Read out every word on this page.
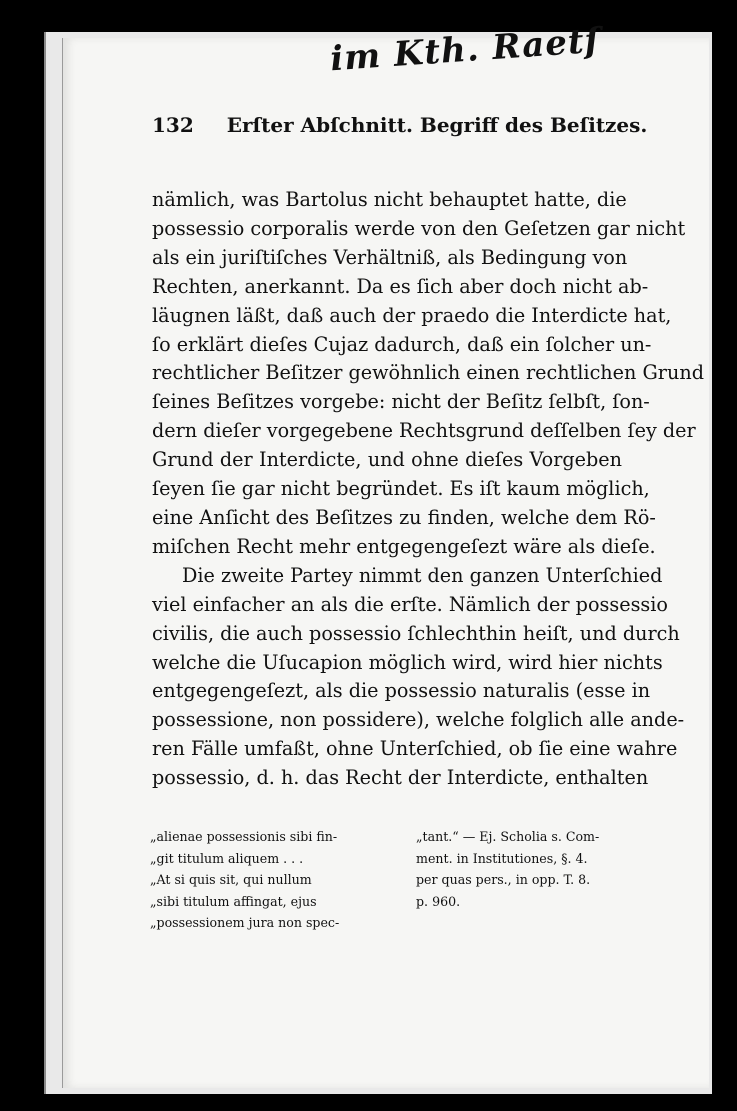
im Kth. Raetſ
132 Erſter Abſchnitt. Begriff des Beſitzes.
nämlich, was Bartolus nicht behauptet hatte, die
possessio corporalis werde von den Geſetzen gar nicht
als ein juriſtiſches Verhältniß, als Bedingung von
Rechten, anerkannt. Da es ſich aber doch nicht ab-
läugnen läßt, daß auch der praedo die Interdicte hat,
ſo erklärt dieſes Cujaz dadurch, daß ein ſolcher un-
rechtlicher Beſitzer gewöhnlich einen rechtlichen Grund
ſeines Beſitzes vorgebe: nicht der Beſitz ſelbſt, ſon-
dern dieſer vorgegebene Rechtsgrund deſſelben ſey der
Grund der Interdicte, und ohne dieſes Vorgeben
ſeyen ſie gar nicht begründet. Es iſt kaum möglich,
eine Anſicht des Beſitzes zu finden, welche dem Rö-
miſchen Recht mehr entgegengeſezt wäre als dieſe.
Die zweite Partey nimmt den ganzen Unterſchied
viel einfacher an als die erſte. Nämlich der possessio
civilis, die auch possessio ſchlechthin heiſt, und durch
welche die Uſucapion möglich wird, wird hier nichts
entgegengeſezt, als die possessio naturalis (esse in
possessione, non possidere), welche folglich alle ande-
ren Fälle umfaßt, ohne Unterſchied, ob ſie eine wahre
possessio, d. h. das Recht der Interdicte, enthalten
„alienae possessionis sibi fin-
„git titulum aliquem . . .
„At si quis sit, qui nullum
„sibi titulum affingat, ejus
„possessionem jura non spec-
„tant.“ — Ej. Scholia s. Com-
ment. in Institutiones, §. 4.
per quas pers., in opp. T. 8.
p. 960.
